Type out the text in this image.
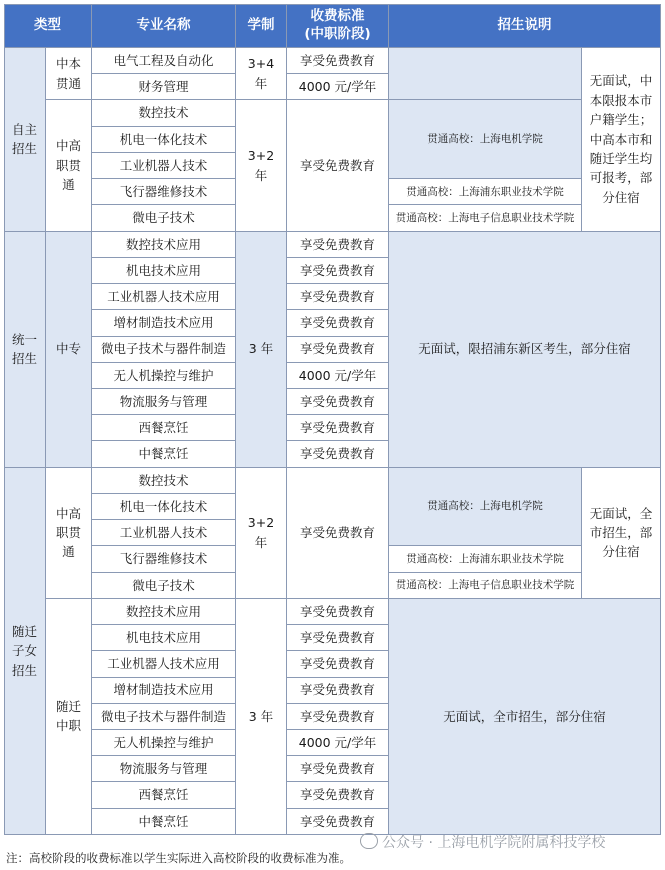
类型	专业名称	学制
收费标准
(中职阶段)
招生说明
自主
招生
中本
贯通
电气工程及自动化
财务管理
3+4
年
享受免费教育
4000 元/学年
中高
职贯
通
数控技术
机电一体化技术
工业机器人技术
飞行器维修技术
微电子技术
3+2
年
享受免费教育
贯通高校：上海电机学院
贯通高校：上海浦东职业技术学院
贯通高校：上海电子信息职业技术学院
无面试，中
本限报本市
户籍学生；
中高本市和
随迁学生均
可报考，部
分住宿
统一
招生
中专
数控技术应用
机电技术应用
工业机器人技术应用
增材制造技术应用
微电子技术与器件制造
无人机操控与维护
物流服务与管理
西餐烹饪
中餐烹饪
3 年
享受免费教育
享受免费教育
享受免费教育
享受免费教育
享受免费教育
4000 元/学年
享受免费教育
享受免费教育
享受免费教育
无面试，限招浦东新区考生，部分住宿
随迁
子女
招生
中高
职贯
通
数控技术
机电一体化技术
工业机器人技术
飞行器维修技术
微电子技术
3+2
年
享受免费教育
贯通高校：上海电机学院
贯通高校：上海浦东职业技术学院
贯通高校：上海电子信息职业技术学院
无面试，全
市招生，部
分住宿
随迁
中职
数控技术应用
机电技术应用
工业机器人技术应用
增材制造技术应用
微电子技术与器件制造
无人机操控与维护
物流服务与管理
西餐烹饪
中餐烹饪
3 年
享受免费教育
享受免费教育
享受免费教育
享受免费教育
享受免费教育
4000 元/学年
享受免费教育
享受免费教育
享受免费教育
无面试，全市招生，部分住宿
公众号 · 上海电机学院附属科技学校
注：高校阶段的收费标准以学生实际进入高校阶段的收费标准为准。
